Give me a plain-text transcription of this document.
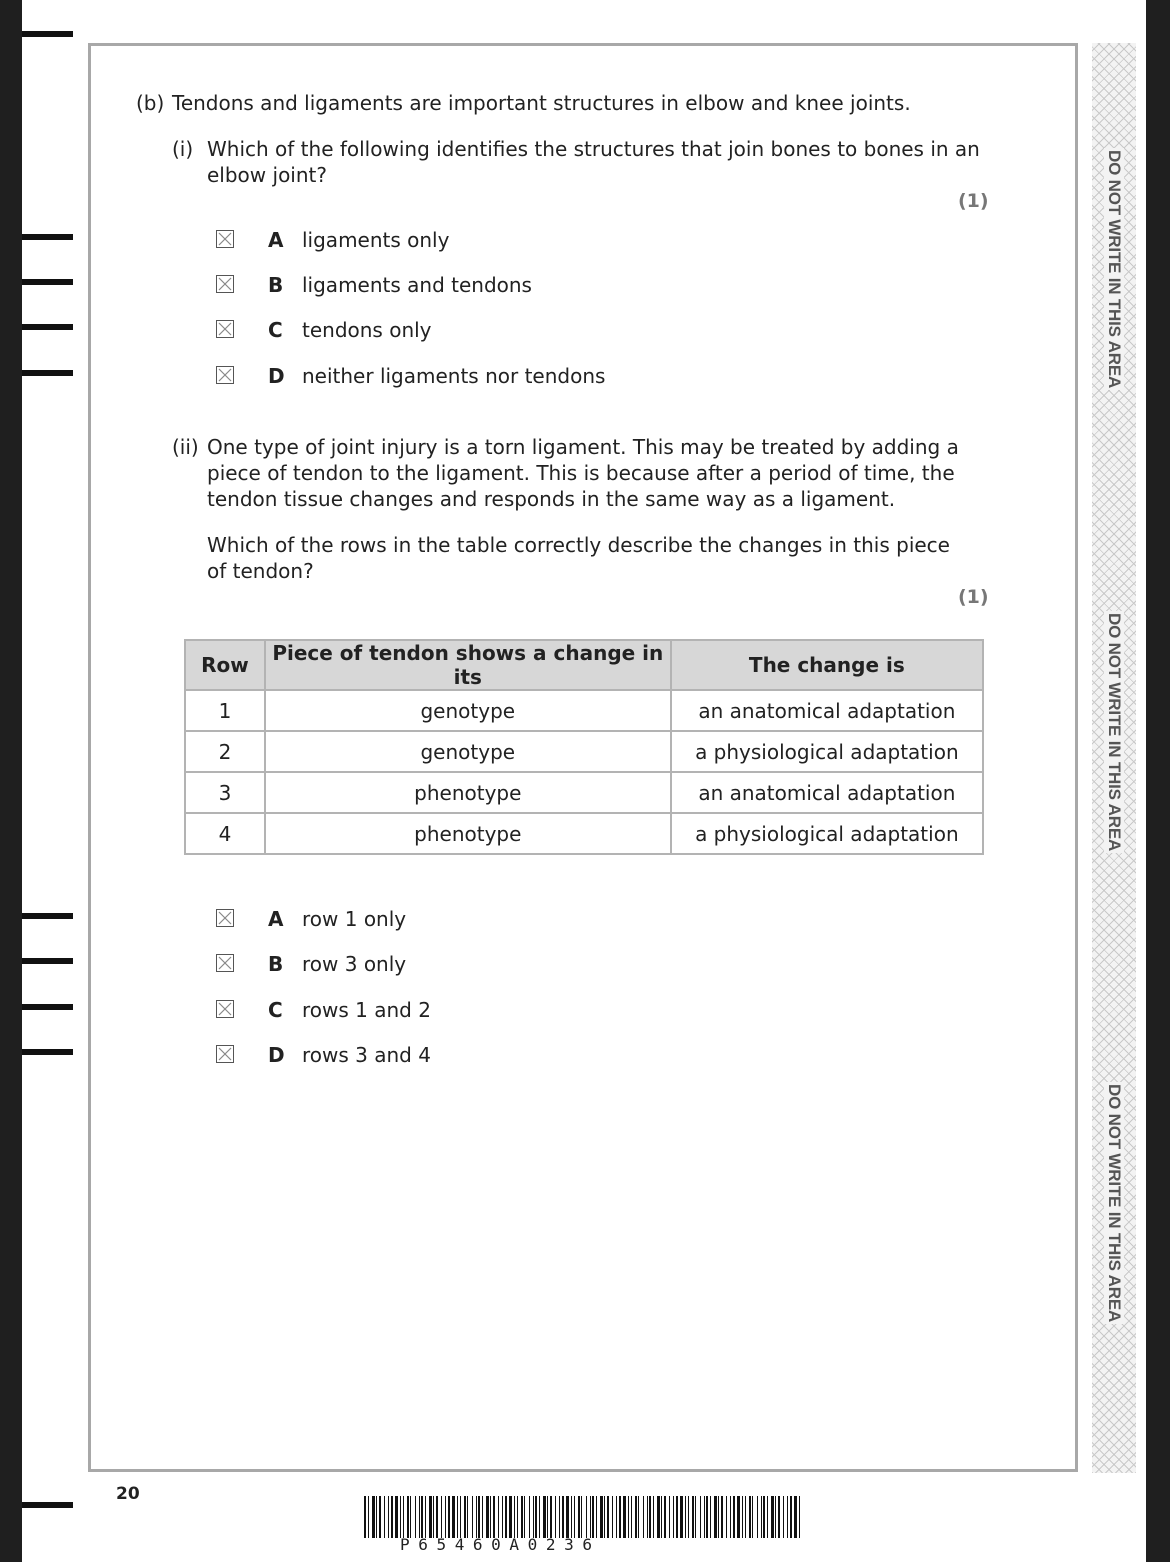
DO NOT WRITE IN THIS AREA
DO NOT WRITE IN THIS AREA
DO NOT WRITE IN THIS AREA
(b) Tendons and ligaments are important structures in elbow and knee joints.
(i) Which of the following identifies the structures that join bones to bones in an
elbow joint?
(1)
A ligaments only
B ligaments and tendons
C tendons only
D neither ligaments nor tendons
(ii) One type of joint injury is a torn ligament. This may be treated by adding a
piece of tendon to the ligament. This is because after a period of time, the
tendon tissue changes and responds in the same way as a ligament.
Which of the rows in the table correctly describe the changes in this piece
of tendon?
(1)
Row	Piece of tendon shows a change in its	The change is
1	genotype	an anatomical adaptation
2	genotype	a physiological adaptation
3	phenotype	an anatomical adaptation
4	phenotype	a physiological adaptation
A row 1 only
B row 3 only
C rows 1 and 2
D rows 3 and 4
20
P65460A0236
